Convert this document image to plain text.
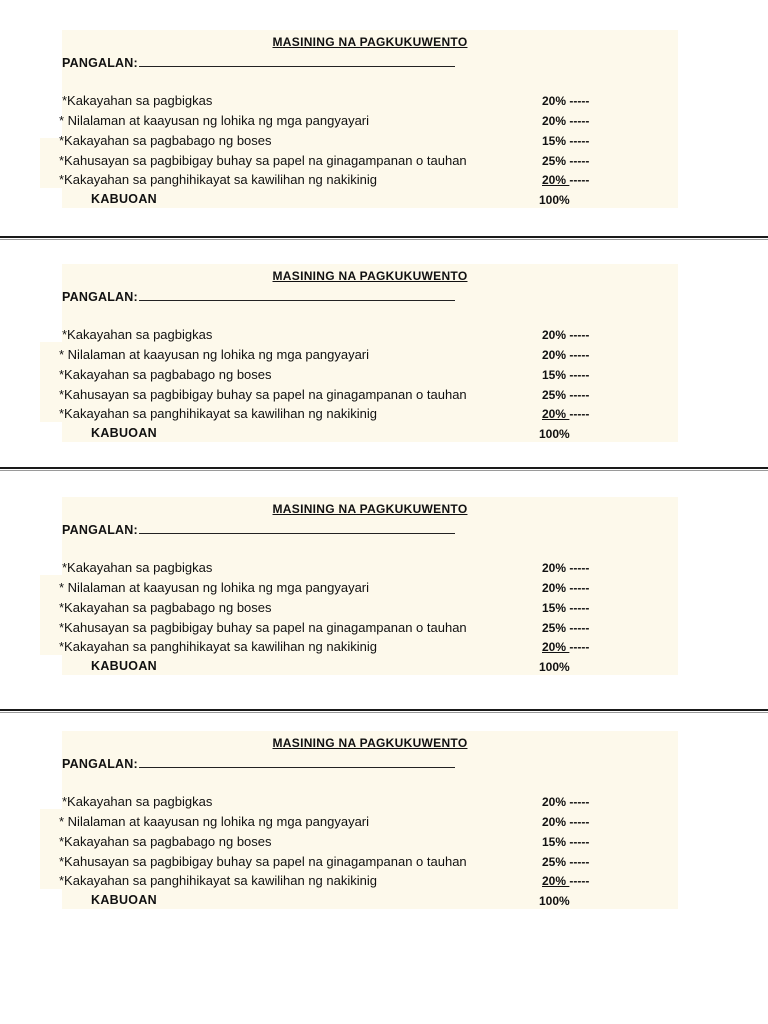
MASINING NA PAGKUKUWENTO
PANGALAN:
*Kakayahan sa pagbigkas	20% -----
* Nilalaman at kaayusan ng lohika ng mga pangyayari	20% -----
*Kakayahan sa pagbabago ng boses	15% -----
*Kahusayan sa pagbibigay buhay sa papel na ginagampanan o tauhan	25% -----
*Kakayahan sa panghihikayat sa kawilihan ng nakikinig	20% -----
KABUOAN	100%
MASINING NA PAGKUKUWENTO
PANGALAN:
*Kakayahan sa pagbigkas	20% -----
* Nilalaman at kaayusan ng lohika ng mga pangyayari	20% -----
*Kakayahan sa pagbabago ng boses	15% -----
*Kahusayan sa pagbibigay buhay sa papel na ginagampanan o tauhan	25% -----
*Kakayahan sa panghihikayat sa kawilihan ng nakikinig	20% -----
KABUOAN	100%
MASINING NA PAGKUKUWENTO
PANGALAN:
*Kakayahan sa pagbigkas	20% -----
* Nilalaman at kaayusan ng lohika ng mga pangyayari	20% -----
*Kakayahan sa pagbabago ng boses	15% -----
*Kahusayan sa pagbibigay buhay sa papel na ginagampanan o tauhan	25% -----
*Kakayahan sa panghihikayat sa kawilihan ng nakikinig	20% -----
KABUOAN	100%
MASINING NA PAGKUKUWENTO
PANGALAN:
*Kakayahan sa pagbigkas	20% -----
* Nilalaman at kaayusan ng lohika ng mga pangyayari	20% -----
*Kakayahan sa pagbabago ng boses	15% -----
*Kahusayan sa pagbibigay buhay sa papel na ginagampanan o tauhan	25% -----
*Kakayahan sa panghihikayat sa kawilihan ng nakikinig	20% -----
KABUOAN	100%
